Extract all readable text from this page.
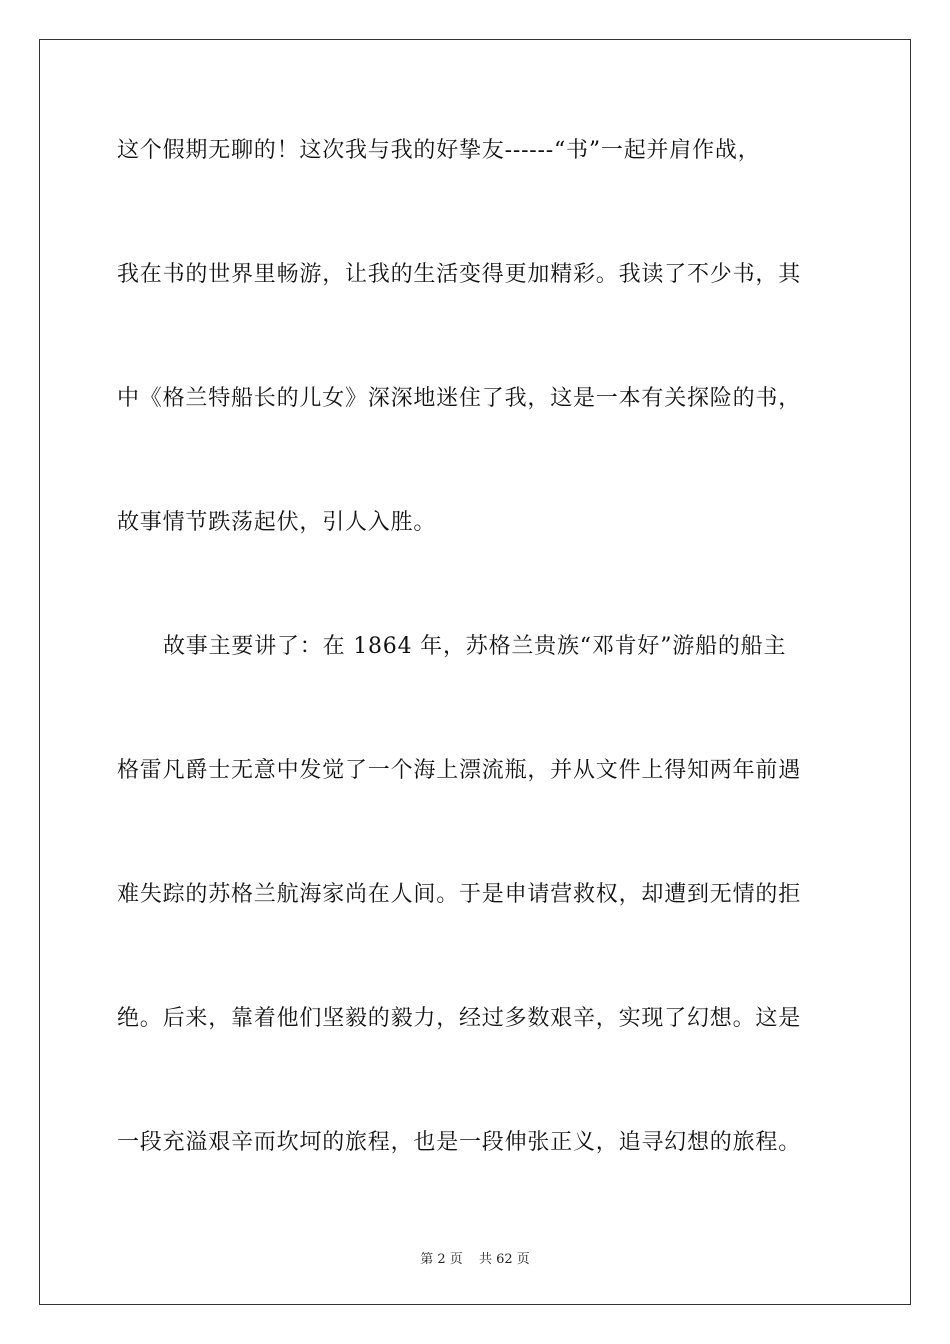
这个假期无聊的！这次我与我的好挚友------“书”一起并肩作战，
我在书的世界里畅游，让我的生活变得更加精彩。我读了不少书，其
中《格兰特船长的儿女》深深地迷住了我，这是一本有关探险的书，
故事情节跌荡起伏，引人入胜。
故事主要讲了：在 1864 年，苏格兰贵族“邓肯好”游船的船主
格雷凡爵士无意中发觉了一个海上漂流瓶，并从文件上得知两年前遇
难失踪的苏格兰航海家尚在人间。于是申请营救权，却遭到无情的拒
绝。后来，靠着他们坚毅的毅力，经过多数艰辛，实现了幻想。这是
一段充溢艰辛而坎坷的旅程，也是一段伸张正义，追寻幻想的旅程。
第 2 页 共 62 页
